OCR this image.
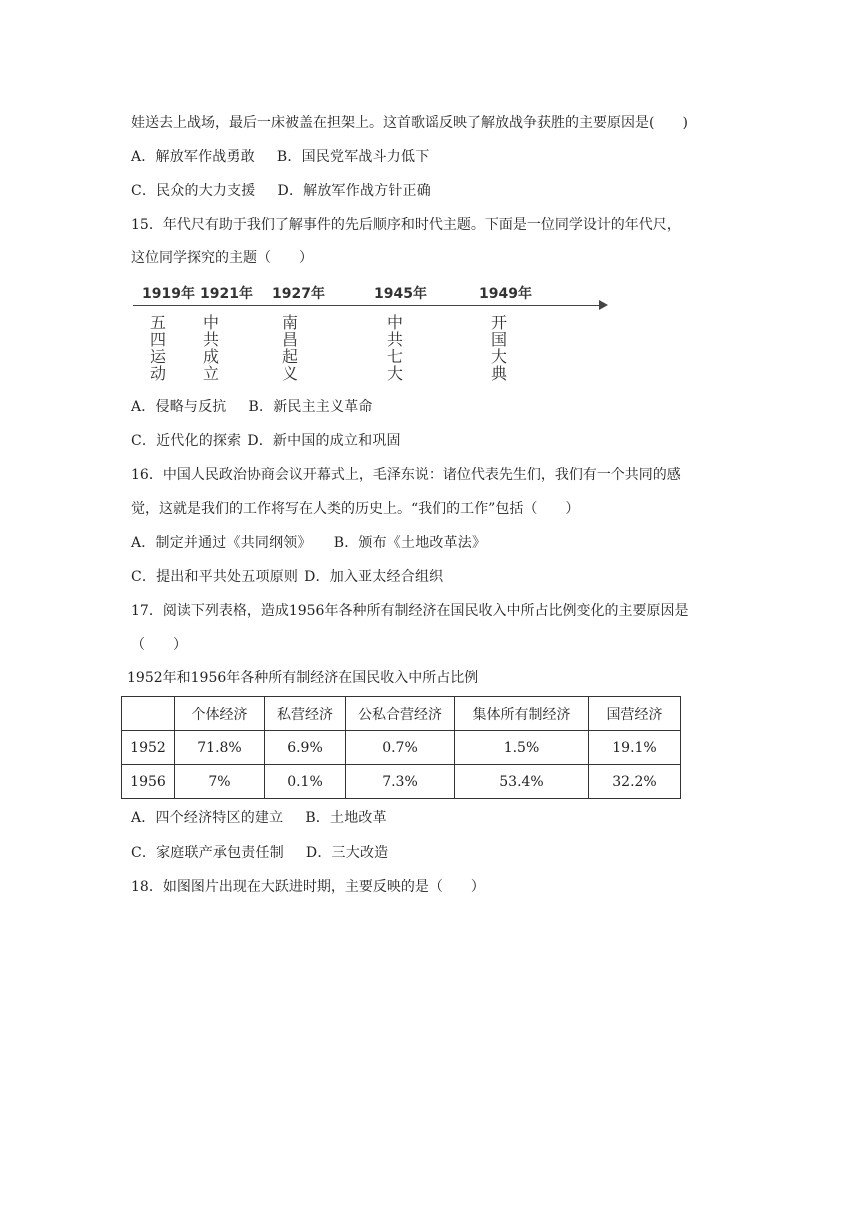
娃送去上战场，最后一床被盖在担架上。这首歌谣反映了解放战争获胜的主要原因是(　　)
A．解放军作战勇敢 B．国民党军战斗力低下
C．民众的大力支援 D．解放军作战方针正确
15．年代尺有助于我们了解事件的先后顺序和时代主题。下面是一位同学设计的年代尺，
这位同学探究的主题（　　）
1919年 1921年 1927年	1945年	1949年
五四运动
中共成立
南昌起义
中共七大
开国大典
A．侵略与反抗 B．新民主主义革命
C．近代化的探索 D．新中国的成立和巩固
16．中国人民政治协商会议开幕式上，毛泽东说：诸位代表先生们，我们有一个共同的感
觉，这就是我们的工作将写在人类的历史上。“我们的工作”包括（　　）
A．制定并通过《共同纲领》 B．颁布《土地改革法》
C．提出和平共处五项原则 D．加入亚太经合组织
17．阅读下列表格，造成1956年各种所有制经济在国民收入中所占比例变化的主要原因是
（　　）
1952年和1956年各种所有制经济在国民收入中所占比例
	个体经济	私营经济	公私合营经济	集体所有制经济	国营经济
1952	71.8%	6.9%	0.7%	1.5%	19.1%
1956	7%	0.1%	7.3%	53.4%	32.2%
A．四个经济特区的建立 B．土地改革
C．家庭联产承包责任制 D．三大改造
18．如图图片出现在大跃进时期，主要反映的是（　　）
